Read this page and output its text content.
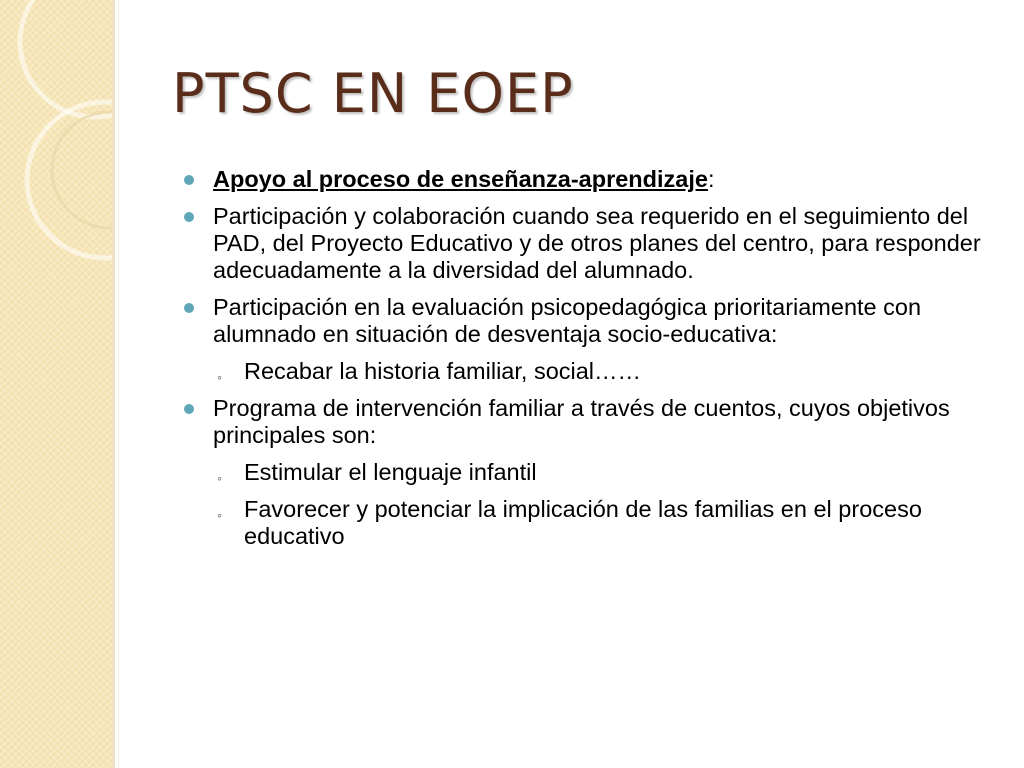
PTSC EN EOEP
Apoyo al proceso de enseñanza-aprendizaje:
Participación y colaboración cuando sea requerido en el seguimiento del PAD, del Proyecto Educativo y de otros planes del centro, para responder adecuadamente a la diversidad del alumnado.
Participación en la evaluación psicopedagógica prioritariamente con alumnado en situación de desventaja socio-educativa:
◦ Recabar la historia familiar, social……
Programa de intervención familiar a través de cuentos, cuyos objetivos principales son:
◦ Estimular el lenguaje infantil
◦ Favorecer y potenciar la implicación de las familias en el proceso educativo
